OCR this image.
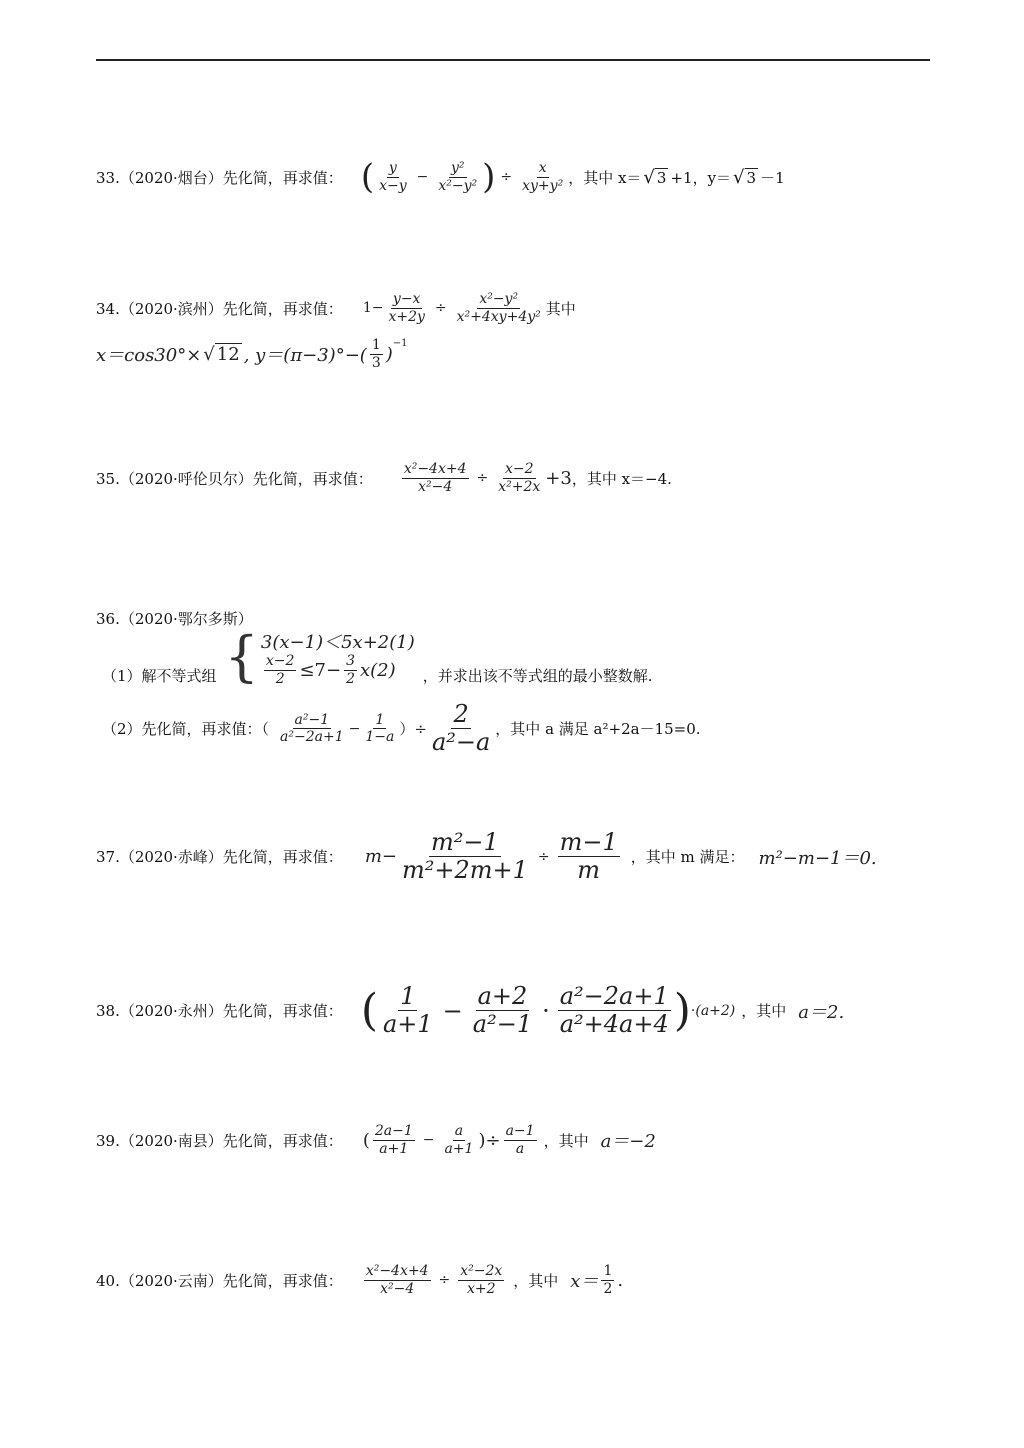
33.（2020·烟台）先化简，再求值： ( $\frac{y}{x-y} - \frac{\text{y²}}{\text{x²−y²}}$ ) ÷ $\frac{x}{\text{xy+y²}}$ ，其中 x＝ √ 3 +1，y＝ √ 3 －1
34.（2020·滨州）先化简，再求值： $1- \frac{y-x}{x+2y} \div \frac{\text{x²−y²}}{\text{x²+4xy+4y²}}$ 其中
x＝cos30°× √ 12 , $y=(\pi-3)^\circ-( \frac{1}{3}$ )
−1
35.（2020·呼伦贝尔）先化简，再求值： $\frac{\text{x²−4x+4}}{\text{x²−4}} \div \frac{x-2}{\text{x²+2x}} +3$ ，其中 x＝−4.
36.（2020·鄂尔多斯）
（1）解不等式组 { 3(x−1)＜5x+2(1)
$\frac{x-2}{2} \le 7- \frac{3}{2} x(2)$ ，并求出该不等式组的最小整数解.
（2）先化简，再求值：（ $\frac{\text{a²−1}}{\text{a²−2a+1}} - \frac{1}{1-a}$ ）÷ $\frac{2}{\text{a²−a}}$ ，其中 a 满足 a²+2a－15=0.
37.（2020·赤峰）先化简，再求值： $m- \frac{\text{m²−1}}{\text{m²+2m+1}} \div \frac{m-1}{m}$ ，其中 m 满足： m²−m−1＝0.
38.（2020·永州）先化简，再求值： ( $\frac{1}{a+1} - \frac{a+2}{\text{a²−1}} \cdot \frac{\text{a²−2a+1}}{\text{a²+4a+4}}$ ) ·(a+2) ，其中 a＝2.
39.（2020·南县）先化简，再求值： ( $\frac{2a-1}{a+1} - \frac{a}{a+1}$ )÷ $\frac{a-1}{a}$ ，其中 a＝−2
40.（2020·云南）先化简，再求值： $\frac{\text{x²−4x+4}}{\text{x²−4}} \div \frac{\text{x²−2x}}{x+2}$ ，其中 $x= \frac{1}{2}$ .
